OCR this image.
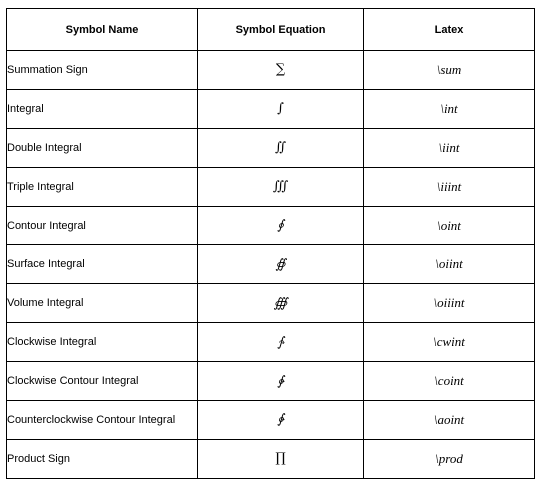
Symbol Name	Symbol Equation	Latex
Summation Sign	∑	\sum
Integral	∫	\int
Double Integral	∬	\iint
Triple Integral	∭	\iiint
Contour Integral	∮	\oint
Surface Integral	∯	\oiint
Volume Integral	∰	\oiiint
Clockwise Integral	∱	\cwint
Clockwise Contour Integral	∲	\coint
Counterclockwise Contour Integral	∳	\aoint
Product Sign	∏	\prod
